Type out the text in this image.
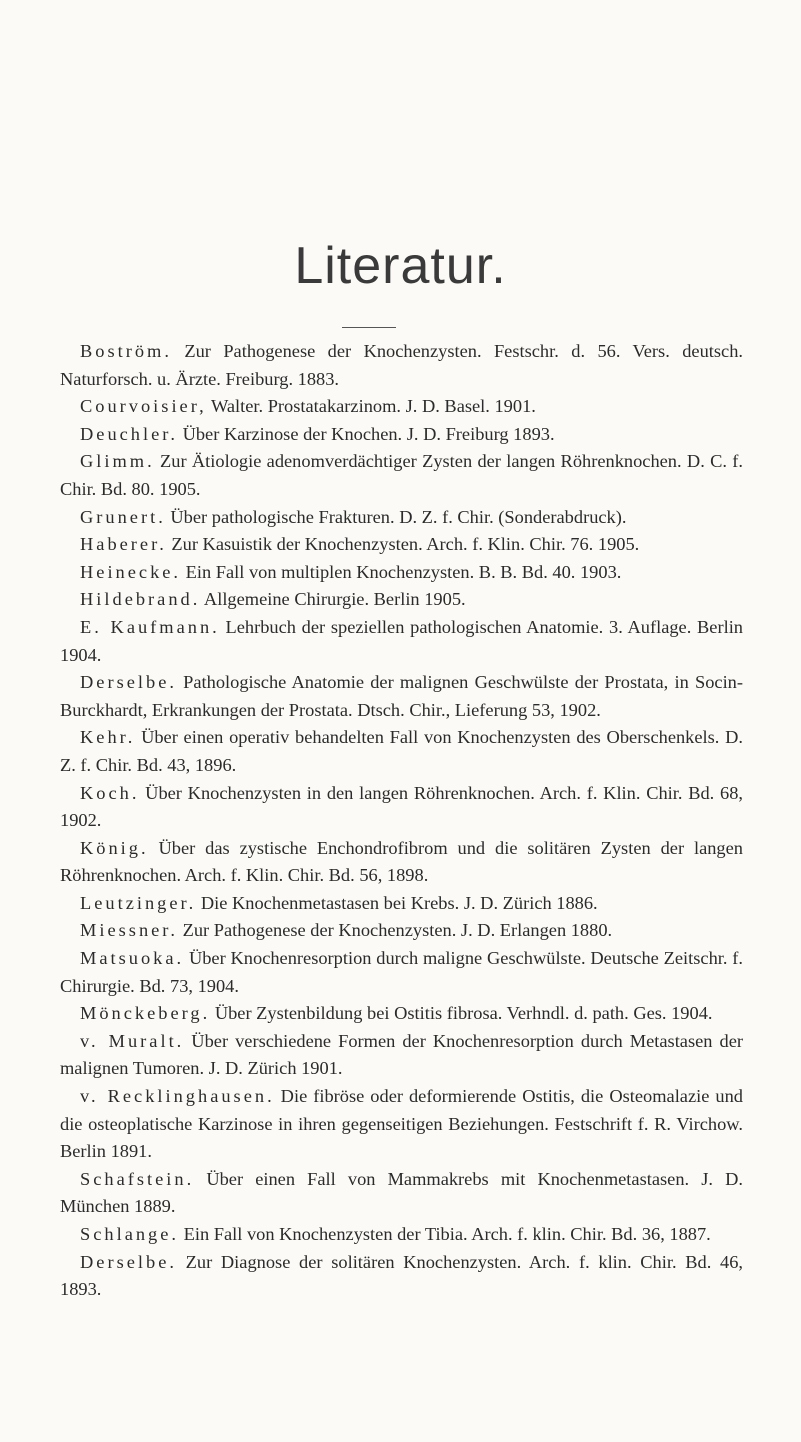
Literatur.

Boström. Zur Pathogenese der Knochenzysten. Festschr. d. 56. Vers. deutsch. Naturforsch. u. Ärzte. Freiburg. 1883.

Courvoisier, Walter. Prostatakarzinom. J. D. Basel. 1901.

Deuchler. Über Karzinose der Knochen. J. D. Freiburg 1893.

Glimm. Zur Ätiologie adenomverdächtiger Zysten der langen Röhrenknochen. D. C. f. Chir. Bd. 80. 1905.

Grunert. Über pathologische Frakturen. D. Z. f. Chir. (Sonderabdruck).

Haberer. Zur Kasuistik der Knochenzysten. Arch. f. Klin. Chir. 76. 1905.

Heinecke. Ein Fall von multiplen Knochenzysten. B. B. Bd. 40. 1903.

Hildebrand. Allgemeine Chirurgie. Berlin 1905.

E. Kaufmann. Lehrbuch der speziellen pathologischen Anatomie. 3. Auflage. Berlin 1904.

Derselbe. Pathologische Anatomie der malignen Geschwülste der Prostata, in Socin-Burckhardt, Erkrankungen der Prostata. Dtsch. Chir., Lieferung 53, 1902.

Kehr. Über einen operativ behandelten Fall von Knochenzysten des Oberschenkels. D. Z. f. Chir. Bd. 43, 1896.

Koch. Über Knochenzysten in den langen Röhrenknochen. Arch. f. Klin. Chir. Bd. 68, 1902.

König. Über das zystische Enchondrofibrom und die solitären Zysten der langen Röhrenknochen. Arch. f. Klin. Chir. Bd. 56, 1898.

Leutzinger. Die Knochenmetastasen bei Krebs. J. D. Zürich 1886.

Miessner. Zur Pathogenese der Knochenzysten. J. D. Erlangen 1880.

Matsuoka. Über Knochenresorption durch maligne Geschwülste. Deutsche Zeitschr. f. Chirurgie. Bd. 73, 1904.

Mönckeberg. Über Zystenbildung bei Ostitis fibrosa. Verhndl. d. path. Ges. 1904.

v. Muralt. Über verschiedene Formen der Knochenresorption durch Metastasen der malignen Tumoren. J. D. Zürich 1901.

v. Recklinghausen. Die fibröse oder deformierende Ostitis, die Osteomalazie und die osteoplatische Karzinose in ihren gegenseitigen Beziehungen. Festschrift f. R. Virchow. Berlin 1891.

Schafstein. Über einen Fall von Mammakrebs mit Knochenmetastasen. J. D. München 1889.

Schlange. Ein Fall von Knochenzysten der Tibia. Arch. f. klin. Chir. Bd. 36, 1887.

Derselbe. Zur Diagnose der solitären Knochenzysten. Arch. f. klin. Chir. Bd. 46, 1893.
